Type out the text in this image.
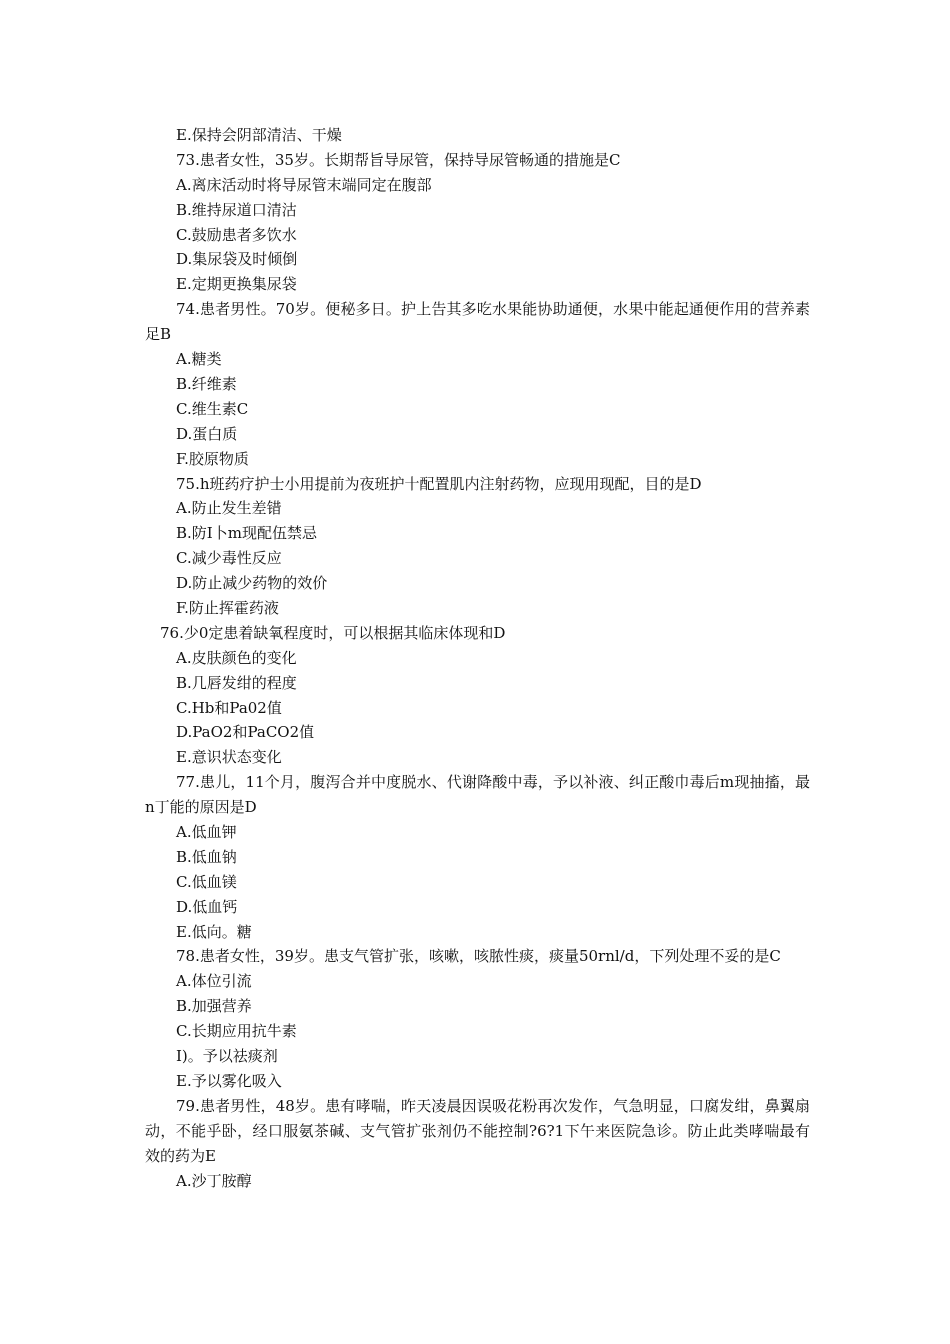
E.保持会阴部清洁、干燥
73.患者女性，35岁。长期帮旨导尿管，保持导尿管畅通的措施是C
A.离床活动时将导尿管末端同定在腹部
B.维持尿道口清沽
C.鼓励患者多饮水
D.集尿袋及时倾倒
E.定期更换集尿袋
74.患者男性。70岁。便秘多日。护上告其多吃水果能协助通便，水果中能起通便作用的营养素足B
A.糖类
B.纤维素
C.维生素C
D.蛋白质
F.胶原物质
75.h班药疗护士小用提前为夜班护十配置肌内注射药物，应现用现配，目的是D
A.防止发生差错
B.防I卜m现配伍禁忌
C.减少毒性反应
D.防止减少药物的效价
F.防止挥霍药液
76.少0定患着缺氧程度时，可以根据其临床体现和D
A.皮肤颜色的变化
B.几唇发绀的程度
C.Hb和Pa02值
D.PaO2和PaCO2值
E.意识状态变化
77.患儿，11个月，腹泻合并中度脱水、代谢降酸中毒，予以补液、纠正酸巾毒后m现抽搐，最n丁能的原因是D
A.低血钾
B.低血钠
C.低血镁
D.低血钙
E.低向。糖
78.患者女性，39岁。患支气管扩张，咳嗽，咳脓性痰，痰量50rnl/d，下列处理不妥的是C
A.体位引流
B.加强营养
C.长期应用抗牛素
I)。予以祛痰剂
E.予以雾化吸入
79.患者男性，48岁。患有哮喘，昨天凌晨因误吸花粉再次发作，气急明显，口腐发绀，鼻翼扇动，不能乎卧，经口服氨茶碱、支气管扩张剂仍不能控制?6?1下午来医院急诊。防止此类哮喘最有效的药为E
A.沙丁胺醇
